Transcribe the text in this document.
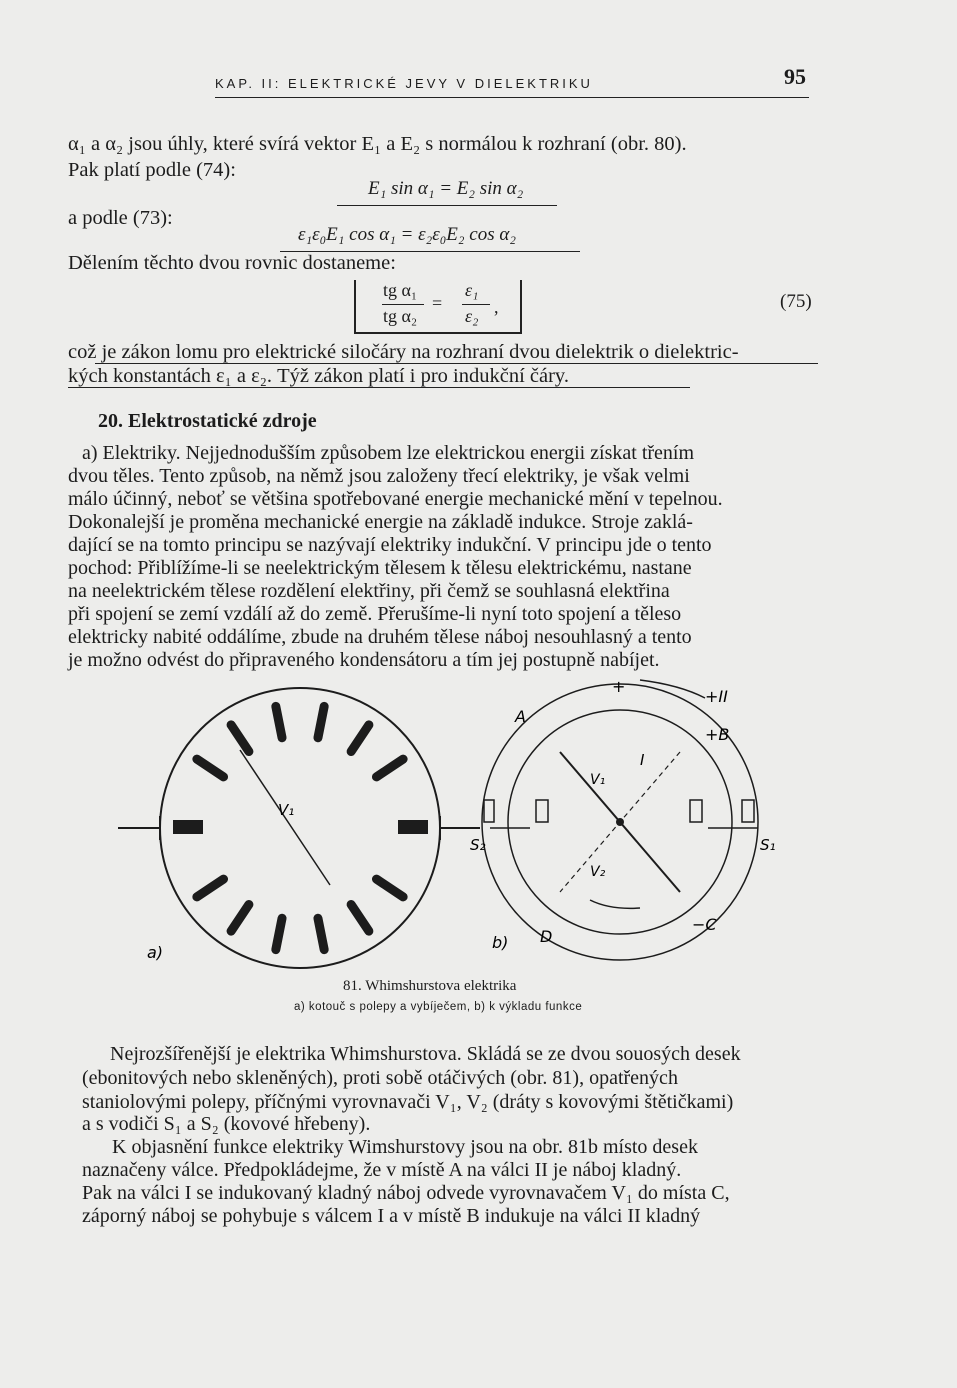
KAP. II: ELEKTRICKÉ JEVY V DIELEKTRIKU	95
α₁ a α₂ jsou úhly, které svírá vektor E₁ a E₂ s normálou k rozhraní (obr. 80).
Pak platí podle (74):
E₁ sin α₁ = E₂ sin α₂
a podle (73):
ε₁ε₀E₁ cos α₁ = ε₂ε₀E₂ cos α₂
Dělením těchto dvou rovnic dostaneme:
tg α₁
tg α₂
=
ε₁
ε₂ ,	(75)
což je zákon lomu pro elektrické siločáry na rozhraní dvou dielektrik o dielektric-
kých konstantách ε₁ a ε₂. Týž zákon platí i pro indukční čáry.
20. Elektrostatické zdroje
a) Elektriky. Nejjednodušším způsobem lze elektrickou energii získat třením
dvou těles. Tento způsob, na němž jsou založeny třecí elektriky, je však velmi
málo účinný, neboť se většina spotřebované energie mechanické mění v tepelnou.
Dokonalejší je proměna mechanické energie na základě indukce. Stroje zaklá-
dající se na tomto principu se nazývají elektriky indukční. V principu jde o tento
pochod: Přiblížíme-li se neelektrickým tělesem k tělesu elektrickému, nastane
na neelektrickém tělese rozdělení elektřiny, při čemž se souhlasná elektřina
při spojení se zemí vzdálí až do země. Přerušíme-li nyní toto spojení a těleso
elektricky nabité oddálíme, zbude na druhém tělese náboj nesouhlasný a tento
je možno odvést do připraveného kondensátoru a tím jej postupně nabíjet.
V₁
a)
+
+II
A
+B
I
V₁
V₂
S₂	S₁
−C
D
b)
81. Whimshurstova elektrika
a) kotouč s polepy a vybíječem, b) k výkladu funkce
Nejrozšířenější je elektrika Whimshurstova. Skládá se ze dvou souosých desek
(ebonitových nebo skleněných), proti sobě otáčivých (obr. 81), opatřených
staniolovými polepy, příčnými vyrovnavači V₁, V₂ (dráty s kovovými štětičkami)
a s vodiči S₁ a S₂ (kovové hřebeny).
K objasnění funkce elektriky Wimshurstovy jsou na obr. 81b místo desek
naznačeny válce. Předpokládejme, že v místě A na válci II je náboj kladný.
Pak na válci I se indukovaný kladný náboj odvede vyrovnavačem V₁ do místa C,
záporný náboj se pohybuje s válcem I a v místě B indukuje na válci II kladný
